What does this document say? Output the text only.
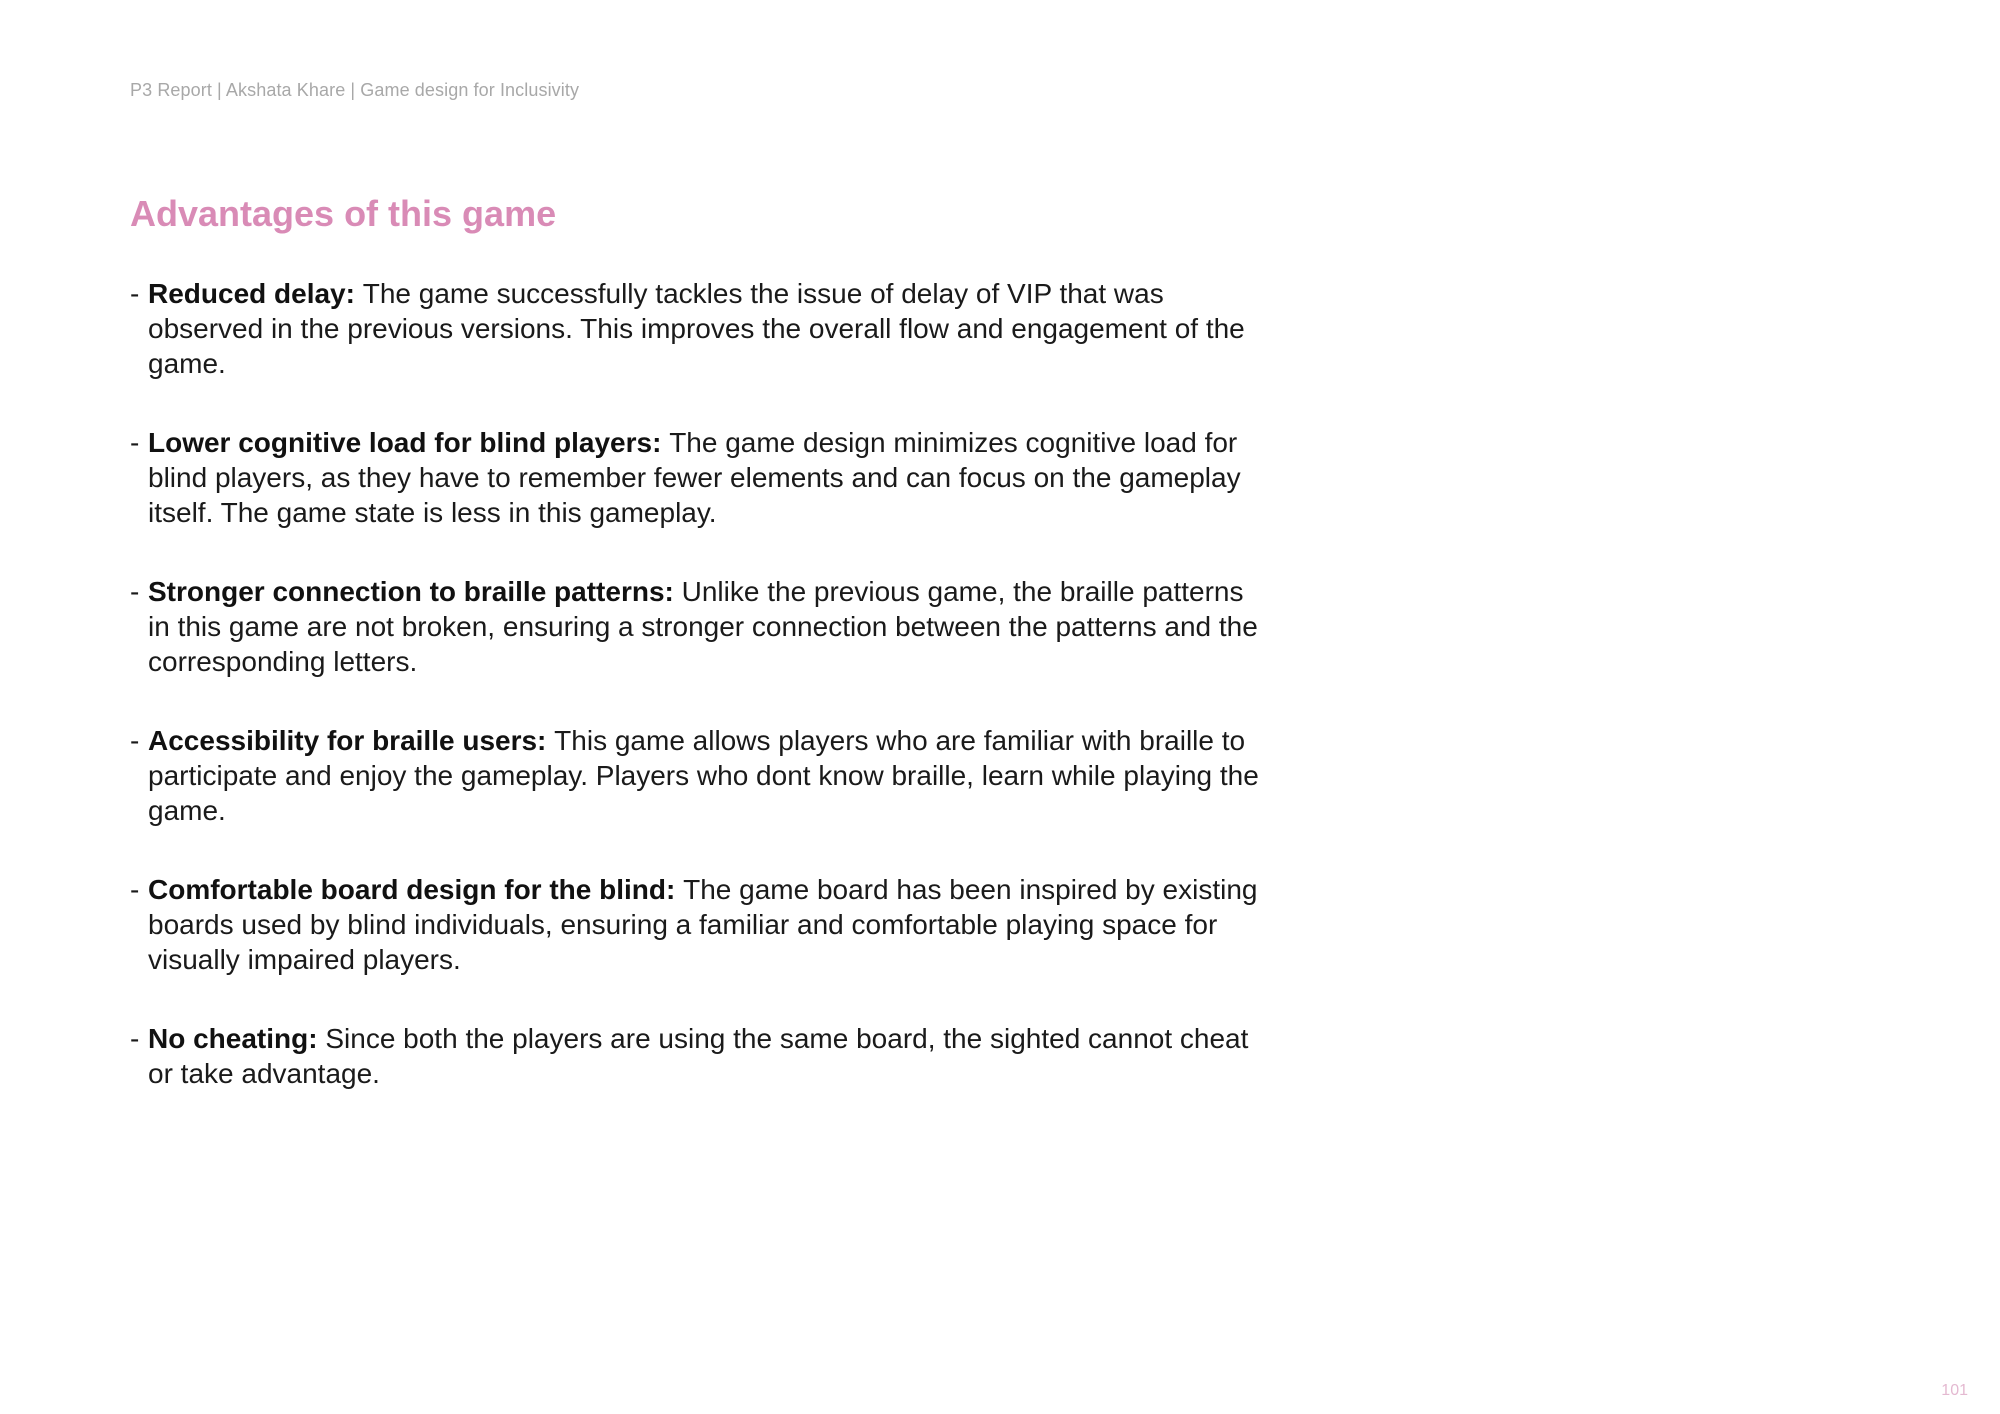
P3 Report | Akshata Khare | Game design for Inclusivity
Advantages of this game
- Reduced delay: The game successfully tackles the issue of delay of VIP that was observed in the previous versions. This improves the overall flow and engagement of the game.
- Lower cognitive load for blind players: The game design minimizes cognitive load for blind players, as they have to remember fewer elements and can focus on the gameplay itself. The game state is less in this gameplay.
- Stronger connection to braille patterns: Unlike the previous game, the braille patterns in this game are not broken, ensuring a stronger connection between the patterns and the corresponding letters.
- Accessibility for braille users: This game allows players who are familiar with braille to participate and enjoy the gameplay. Players who dont know braille, learn while playing the game.
- Comfortable board design for the blind: The game board has been inspired by existing boards used by blind individuals, ensuring a familiar and comfortable playing space for visually impaired players.
- No cheating: Since both the players are using the same board, the sighted cannot cheat or take advantage.
101
